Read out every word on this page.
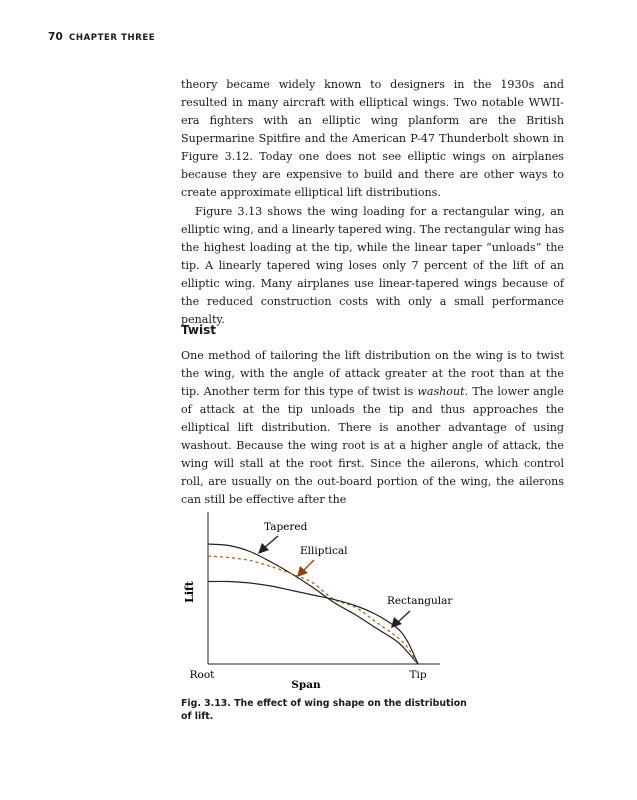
70 CHAPTER THREE

theory became widely known to designers in the 1930s and resulted in many aircraft with elliptical wings. Two notable WWII-era fighters with an elliptic wing planform are the British Supermarine Spitfire and the American P-47 Thunderbolt shown in Figure 3.12. Today one does not see elliptic wings on airplanes because they are expensive to build and there are other ways to create approximate elliptical lift distributions.

Figure 3.13 shows the wing loading for a rectangular wing, an elliptic wing, and a linearly tapered wing. The rectangular wing has the highest loading at the tip, while the linear taper “unloads” the tip. A linearly tapered wing loses only 7 percent of the lift of an elliptic wing. Many airplanes use linear-tapered wings because of the reduced construction costs with only a small performance penalty.

Twist

One method of tailoring the lift distribution on the wing is to twist the wing, with the angle of attack greater at the root than at the tip. Another term for this type of twist is washout. The lower angle of attack at the tip unloads the tip and thus approaches the elliptical lift distribution. There is another advantage of using washout. Because the wing root is at a higher angle of attack, the wing will stall at the root first. Since the ailerons, which control roll, are usually on the out-board portion of the wing, the ailerons can still be effective after the

Lift
Root	Tip
Span
Tapered
Elliptical
Rectangular

Fig. 3.13. The effect of wing shape on the distribution of lift.
